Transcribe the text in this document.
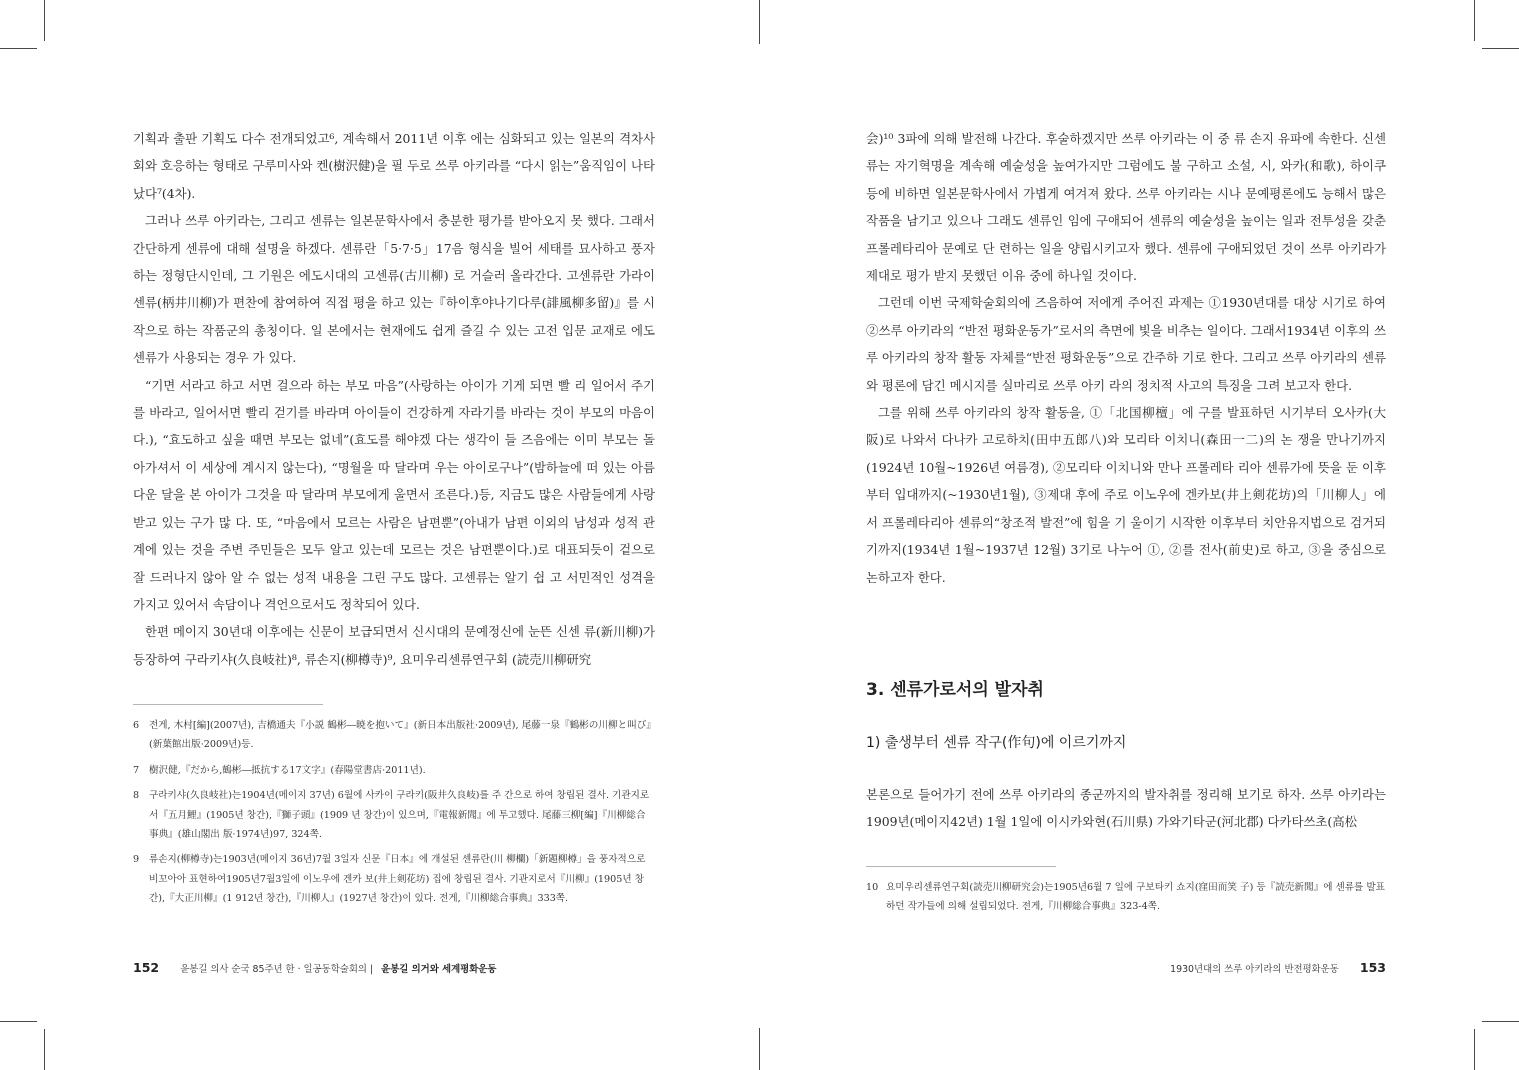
기획과 출판 기획도 다수 전개되었고⁶, 계속해서 2011년 이후 에는 심화되고 있는 일본의 격차사회와 호응하는 형태로 구루미사와 켄(樹沢健)을 필 두로 쓰루 아키라를 “다시 읽는”움직임이 나타났다⁷(4차).

그러나 쓰루 아키라는, 그리고 센류는 일본문학사에서 충분한 평가를 받아오지 못 했다. 그래서 간단하게 센류에 대해 설명을 하겠다. 센류란「5·7·5」17음 형식을 빌어 세태를 묘사하고 풍자하는 정형단시인데, 그 기원은 에도시대의 고센류(古川柳) 로 거슬러 올라간다. 고센류란 가라이 센류(柄井川柳)가 편찬에 참여하여 직접 평을 하고 있는『하이후야나기다루(誹風柳多留)』를 시작으로 하는 작품군의 총칭이다. 일 본에서는 현재에도 쉽게 즐길 수 있는 고전 입문 교재로 에도 센류가 사용되는 경우 가 있다.

“기면 서라고 하고 서면 걸으라 하는 부모 마음”(사랑하는 아이가 기게 되면 빨 리 일어서 주기를 바라고, 일어서면 빨리 걷기를 바라며 아이들이 건강하게 자라기를 바라는 것이 부모의 마음이다.), “효도하고 싶을 때면 부모는 없네”(효도를 해야겠 다는 생각이 들 즈음에는 이미 부모는 돌아가셔서 이 세상에 계시지 않는다), “명월을 따 달라며 우는 아이로구나”(밤하늘에 떠 있는 아름다운 달을 본 아이가 그것을 따 달라며 부모에게 울면서 조른다.)등, 지금도 많은 사람들에게 사랑받고 있는 구가 많 다. 또, “마음에서 모르는 사람은 남편뿐”(아내가 남편 이외의 남성과 성적 관계에 있는 것을 주변 주민들은 모두 알고 있는데 모르는 것은 남편뿐이다.)로 대표되듯이 겉으로 잘 드러나지 않아 알 수 없는 성적 내용을 그린 구도 많다. 고센류는 알기 쉽 고 서민적인 성격을 가지고 있어서 속담이나 격언으로서도 정착되어 있다.

한편 메이지 30년대 이후에는 신문이 보급되면서 신시대의 문예정신에 눈뜬 신센 류(新川柳)가 등장하여 구라키샤(久良岐社)⁸, 류손지(柳樽寺)⁹, 요미우리센류연구회 (読売川柳研究

6 전게, 木村[編](2007년), 吉橋通夫『小説 鶴彬―暁を抱いて』(新日本出版社·2009년), 尾藤一泉『鶴彬の川柳と叫び』(新葉館出版·2009년)등.
7 樹沢健,『だから,鶴彬―抵抗する17文字』(春陽堂書店·2011년).
8 구라키샤(久良岐社)는1904년(메이지 37년) 6월에 사카이 구라키(阪井久良岐)를 주 간으로 하여 창립된 결사. 기관지로서『五月鯉』(1905년 창간),『獅子頭』(1909 년 창간)이 있으며,『電報新聞』에 투고했다. 尾藤三柳[編]『川柳総合事典』(雄山閣出 版·1974년)97, 324쪽.
9 류손지(柳樽寺)는1903년(메이지 36년)7월 3일자 신문『日本』에 개설된 센류란(川 柳欄)「新題柳樽」을 풍자적으로 비꼬아아 표현하여1905년7월3일에 이노우에 겐카 보(井上剣花坊) 집에 창립된 결사. 기관지로서『川柳』(1905년 창간),『大正川柳』(1 912년 창간),『川柳人』(1927년 창간)이 있다. 전게,『川柳総合事典』333쪽.
152 윤봉길 의사 순국 85주년 한 · 일공동학술회의 | 윤봉길 의거와 세계평화운동

会)¹⁰ 3파에 의해 발전해 나간다. 후술하겠지만 쓰루 아키라는 이 중 류 손지 유파에 속한다. 신센류는 자기혁명을 계속해 예술성을 높여가지만 그럼에도 불 구하고 소설, 시, 와카(和歌), 하이쿠 등에 비하면 일본문학사에서 가볍게 여겨져 왔다. 쓰루 아키라는 시나 문예평론에도 능해서 많은 작품을 남기고 있으나 그래도 센류인 임에 구애되어 센류의 예술성을 높이는 일과 전투성을 갖춘 프롤레타리아 문예로 단 련하는 일을 양립시키고자 했다. 센류에 구애되었던 것이 쓰루 아키라가 제대로 평가 받지 못했던 이유 중에 하나일 것이다.

그런데 이번 국제학술회의에 즈음하여 저에게 주어진 과제는 ①1930년대를 대상 시기로 하여 ②쓰루 아키라의 “반전 평화운동가”로서의 측면에 빛을 비추는 일이다. 그래서1934년 이후의 쓰루 아키라의 창작 활동 자체를“반전 평화운동”으로 간주하 기로 한다. 그리고 쓰루 아키라의 센류와 평론에 담긴 메시지를 실마리로 쓰루 아키 라의 정치적 사고의 특징을 그려 보고자 한다.

그를 위해 쓰루 아키라의 창작 활동을, ①「北国柳檀」에 구를 발표하던 시기부터 오사카(大阪)로 나와서 다나카 고로하치(田中五郎八)와 모리타 이치니(森田一二)의 논 쟁을 만나기까지(1924년 10월~1926년 여름경), ②모리타 이치니와 만나 프롤레타 리아 센류가에 뜻을 둔 이후부터 입대까지(~1930년1월), ③제대 후에 주로 이노우에 겐카보(井上剣花坊)의「川柳人」에서 프롤레타리아 센류의“창조적 발전”에 힘을 기 울이기 시작한 이후부터 치안유지법으로 검거되기까지(1934년 1월~1937년 12월) 3기로 나누어 ①, ②를 전사(前史)로 하고, ③을 중심으로 논하고자 한다.

3. 센류가로서의 발자취
1) 출생부터 센류 작구(作句)에 이르기까지

본론으로 들어가기 전에 쓰루 아키라의 종군까지의 발자취를 정리해 보기로 하자. 쓰루 아키라는 1909년(메이지42년) 1월 1일에 이시카와현(石川県) 가와기타군(河北郡) 다카타쓰초(高松

10 요미우리센류연구회(読売川柳研究会)는1905년6월 7 일에 구보타키 쇼지(窪田而笑 子) 등『読売新聞』에 센류를 발표하던 작가들에 의해 설립되었다. 전게,『川柳総合事典』323-4쪽.
1930년대의 쓰루 아키라의 반전평화운동 153
